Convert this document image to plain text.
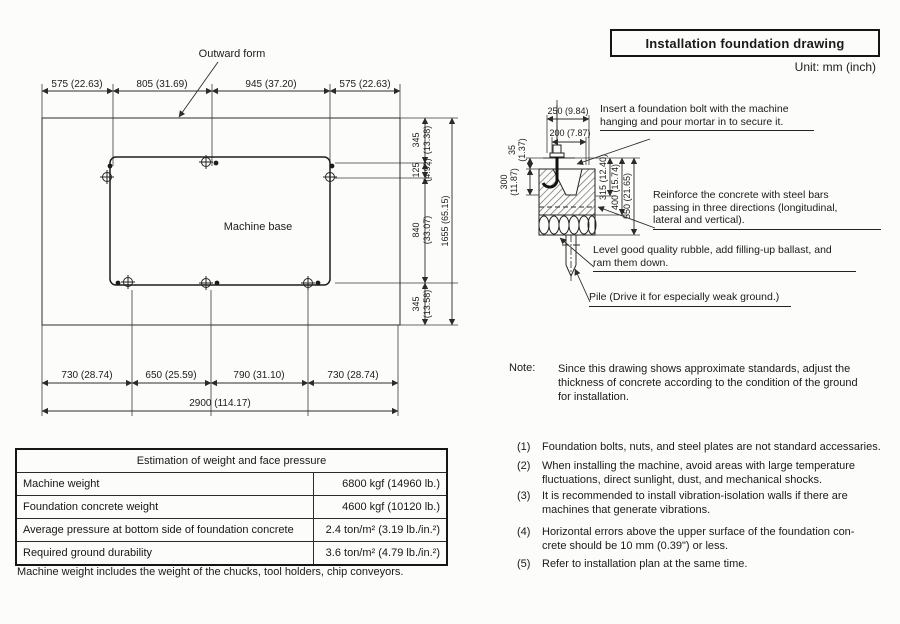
Outward form
575 (22.63)	805 (31.69)	945 (37.20)	575 (22.63)
Machine base
345 (13.38)
125 (4.92)
840 (33.07)
345 (13.58)
1655 (65.15)
730 (28.74)	650 (25.59)	790 (31.10)	730 (28.74)
2900 (114.17)
250 (9.84)
200 (7.87)
35 (1.37)
300 (11.87)	315 (12.40) 400 (15.74) 550 (21.65)
Installation foundation drawing
Unit: mm (inch)
Insert a foundation bolt with the machine
hanging and pour mortar in to secure it.
Reinforce the concrete with steel bars
passing in three directions (longitudinal,
lateral and vertical).
Level good quality rubble, add filling-up ballast, and
ram them down.
Pile (Drive it for especially weak ground.)
Note: Since this drawing shows approximate standards, adjust the
thickness of concrete according to the condition of the ground
for installation.
(1) Foundation bolts, nuts, and steel plates are not standard accessaries.
(2) When installing the machine, avoid areas with large temperature
fluctuations, direct sunlight, dust, and mechanical shocks.
(3) It is recommended to install vibration-isolation walls if there are
machines that generate vibrations.
(4) Horizontal errors above the upper surface of the foundation con-
crete should be 10 mm (0.39") or less.
(5) Refer to installation plan at the same time.
Estimation of weight and face pressure	
Machine weight	6800 kgf (14960 lb.)
Foundation concrete weight	4600 kgf (10120 lb.)
Average pressure at bottom side of foundation concrete	2.4 ton/m² (3.19 lb./in.²)
Required ground durability	3.6 ton/m² (4.79 lb./in.²)
Machine weight includes the weight of the chucks, tool holders, chip conveyors.
